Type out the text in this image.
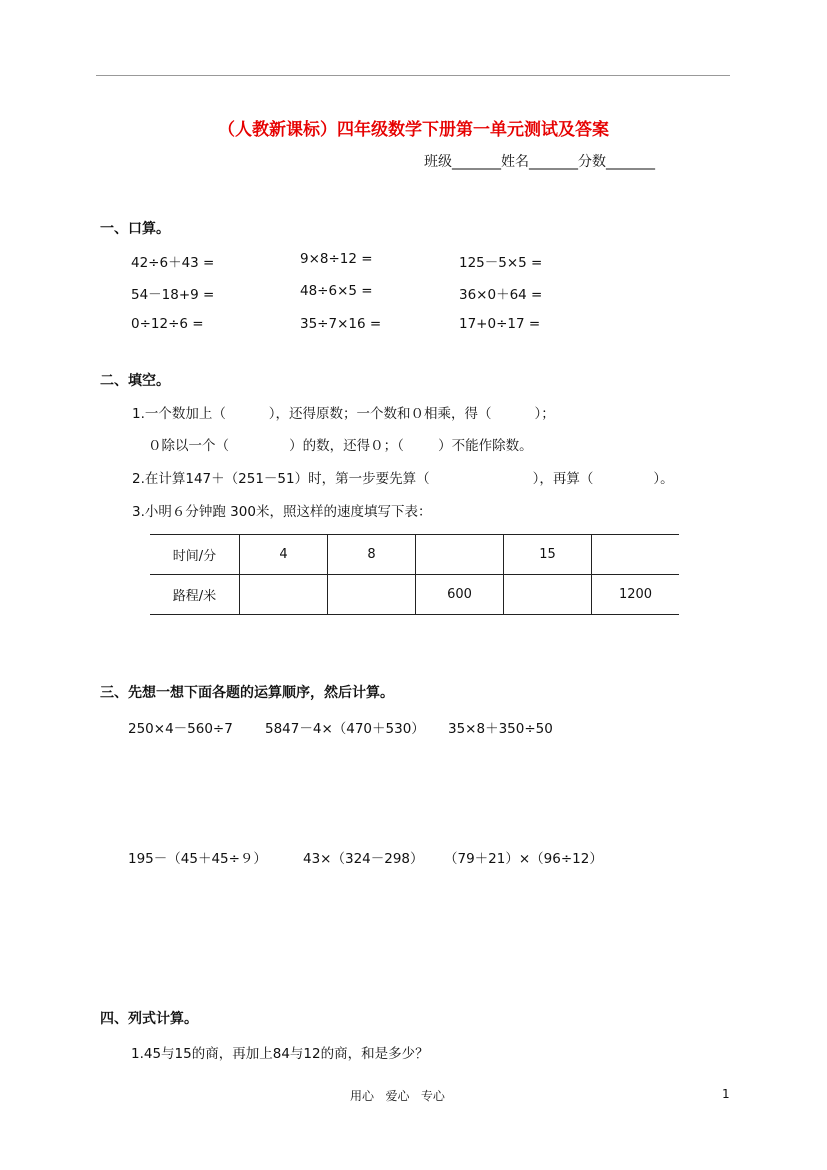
（人教新课标）四年级数学下册第一单元测试及答案
班级_______姓名_______分数_______
一、口算。
42÷6＋43 =	9×8÷12 =	125－5×5 =
54－18+9 =	48÷6×5 =	36×0＋64 =
0÷12÷6 =	35÷7×16 =	17+0÷17 =
二、填空。
1.一个数加上（          ），还得原数；一个数和０相乘，得（          ）；
０除以一个（              ）的数，还得０；（        ）不能作除数。
2.在计算147＋（251－51）时，第一步要先算（                        ），再算（              ）。
3.小明６分钟跑 300米，照这样的速度填写下表：
时间/分	4	8		15	
路程/米			600		1200
三、先想一想下面各题的运算顺序，然后计算。
250×4－560÷7 5847－4×（470＋530） 35×8＋350÷50
195－（45＋45÷９）	43×（324－298） （79＋21）×（96÷12）
四、列式计算。
1.45与15的商，再加上84与12的商，和是多少？
用心   爱心   专心	1
